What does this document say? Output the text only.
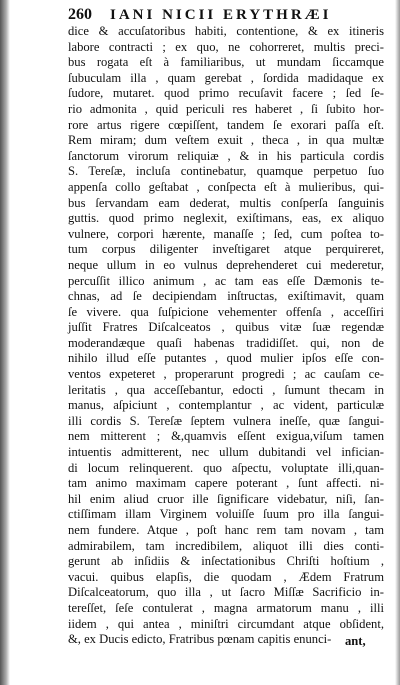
260 IANI NICII ERYTHRÆI
dice & accuſatoribus habiti, contentione, & ex itineris
labore contracti ; ex quo, ne cohorreret, multis preci-
bus rogata eſt à familiaribus, ut mundam ſiccamque
ſubuculam illa , quam gerebat , ſordida madidaque ex
ſudore, mutaret. quod primo recuſavit facere ; ſed ſe-
rio admonita , quid periculi res haberet , ſi ſubito hor-
rore artus rigere cœpiſſent, tandem ſe exorari paſſa eſt.
Rem miram; dum veſtem exuit , theca , in qua multæ
ſanctorum virorum reliquiæ , & in his particula cordis
S. Tereſæ, incluſa continebatur, quamque perpetuo ſuo
appenſa collo geſtabat , conſpecta eſt à mulieribus, qui-
bus ſervandam eam dederat, multis conſperſa ſanguinis
guttis. quod primo neglexit, exiſtimans, eas, ex aliquo
vulnere, corpori hærente, manaſſe ; ſed, cum poſtea to-
tum corpus diligenter inveſtigaret atque perquireret,
neque ullum in eo vulnus deprehenderet cui mederetur,
percuſſit illico animum , ac tam eas eſſe Dæmonis te-
chnas, ad ſe decipiendam inſtructas, exiſtimavit, quam
ſe vivere. qua ſuſpicione vehementer offenſa , acceſſiri
juſſit Fratres Diſcalceatos , quibus vitæ ſuæ regendæ
moderandæque quaſi habenas tradidiſſet. qui, non de
nihilo illud eſſe putantes , quod mulier ipſos eſſe con-
ventos expeteret , properarunt progredi ; ac cauſam ce-
leritatis , qua acceſſebantur, edocti , ſumunt thecam in
manus, aſpiciunt , contemplantur , ac vident, particulæ
illi cordis S. Tereſæ ſeptem vulnera ineſſe, quæ ſangui-
nem mitterent ; &,quamvis eſſent exigua,viſum tamen
intuentis admitterent, nec ullum dubitandi vel infician-
di locum relinquerent. quo aſpectu, voluptate illi,quan-
tam animo maximam capere poterant , ſunt affecti. ni-
hil enim aliud cruor ille ſignificare videbatur, niſi, ſan-
ctiſſimam illam Virginem voluiſſe ſuum pro illa ſangui-
nem fundere. Atque , poſt hanc rem tam novam , tam
admirabilem, tam incredibilem, aliquot illi dies conti-
gerunt ab inſidiis & inſectationibus Chriſti hoſtium ,
vacui. quibus elapſis, die quodam , Ædem Fratrum
Diſcalceatorum, quo illa , ut ſacro Miſſæ Sacrificio in-
tereſſet, ſeſe contulerat , magna armatorum manu , illi
iidem , qui antea , miniſtri circumdant atque obſident,
&, ex Ducis edicto, Fratribus pœnam capitis enunci-	ant,
